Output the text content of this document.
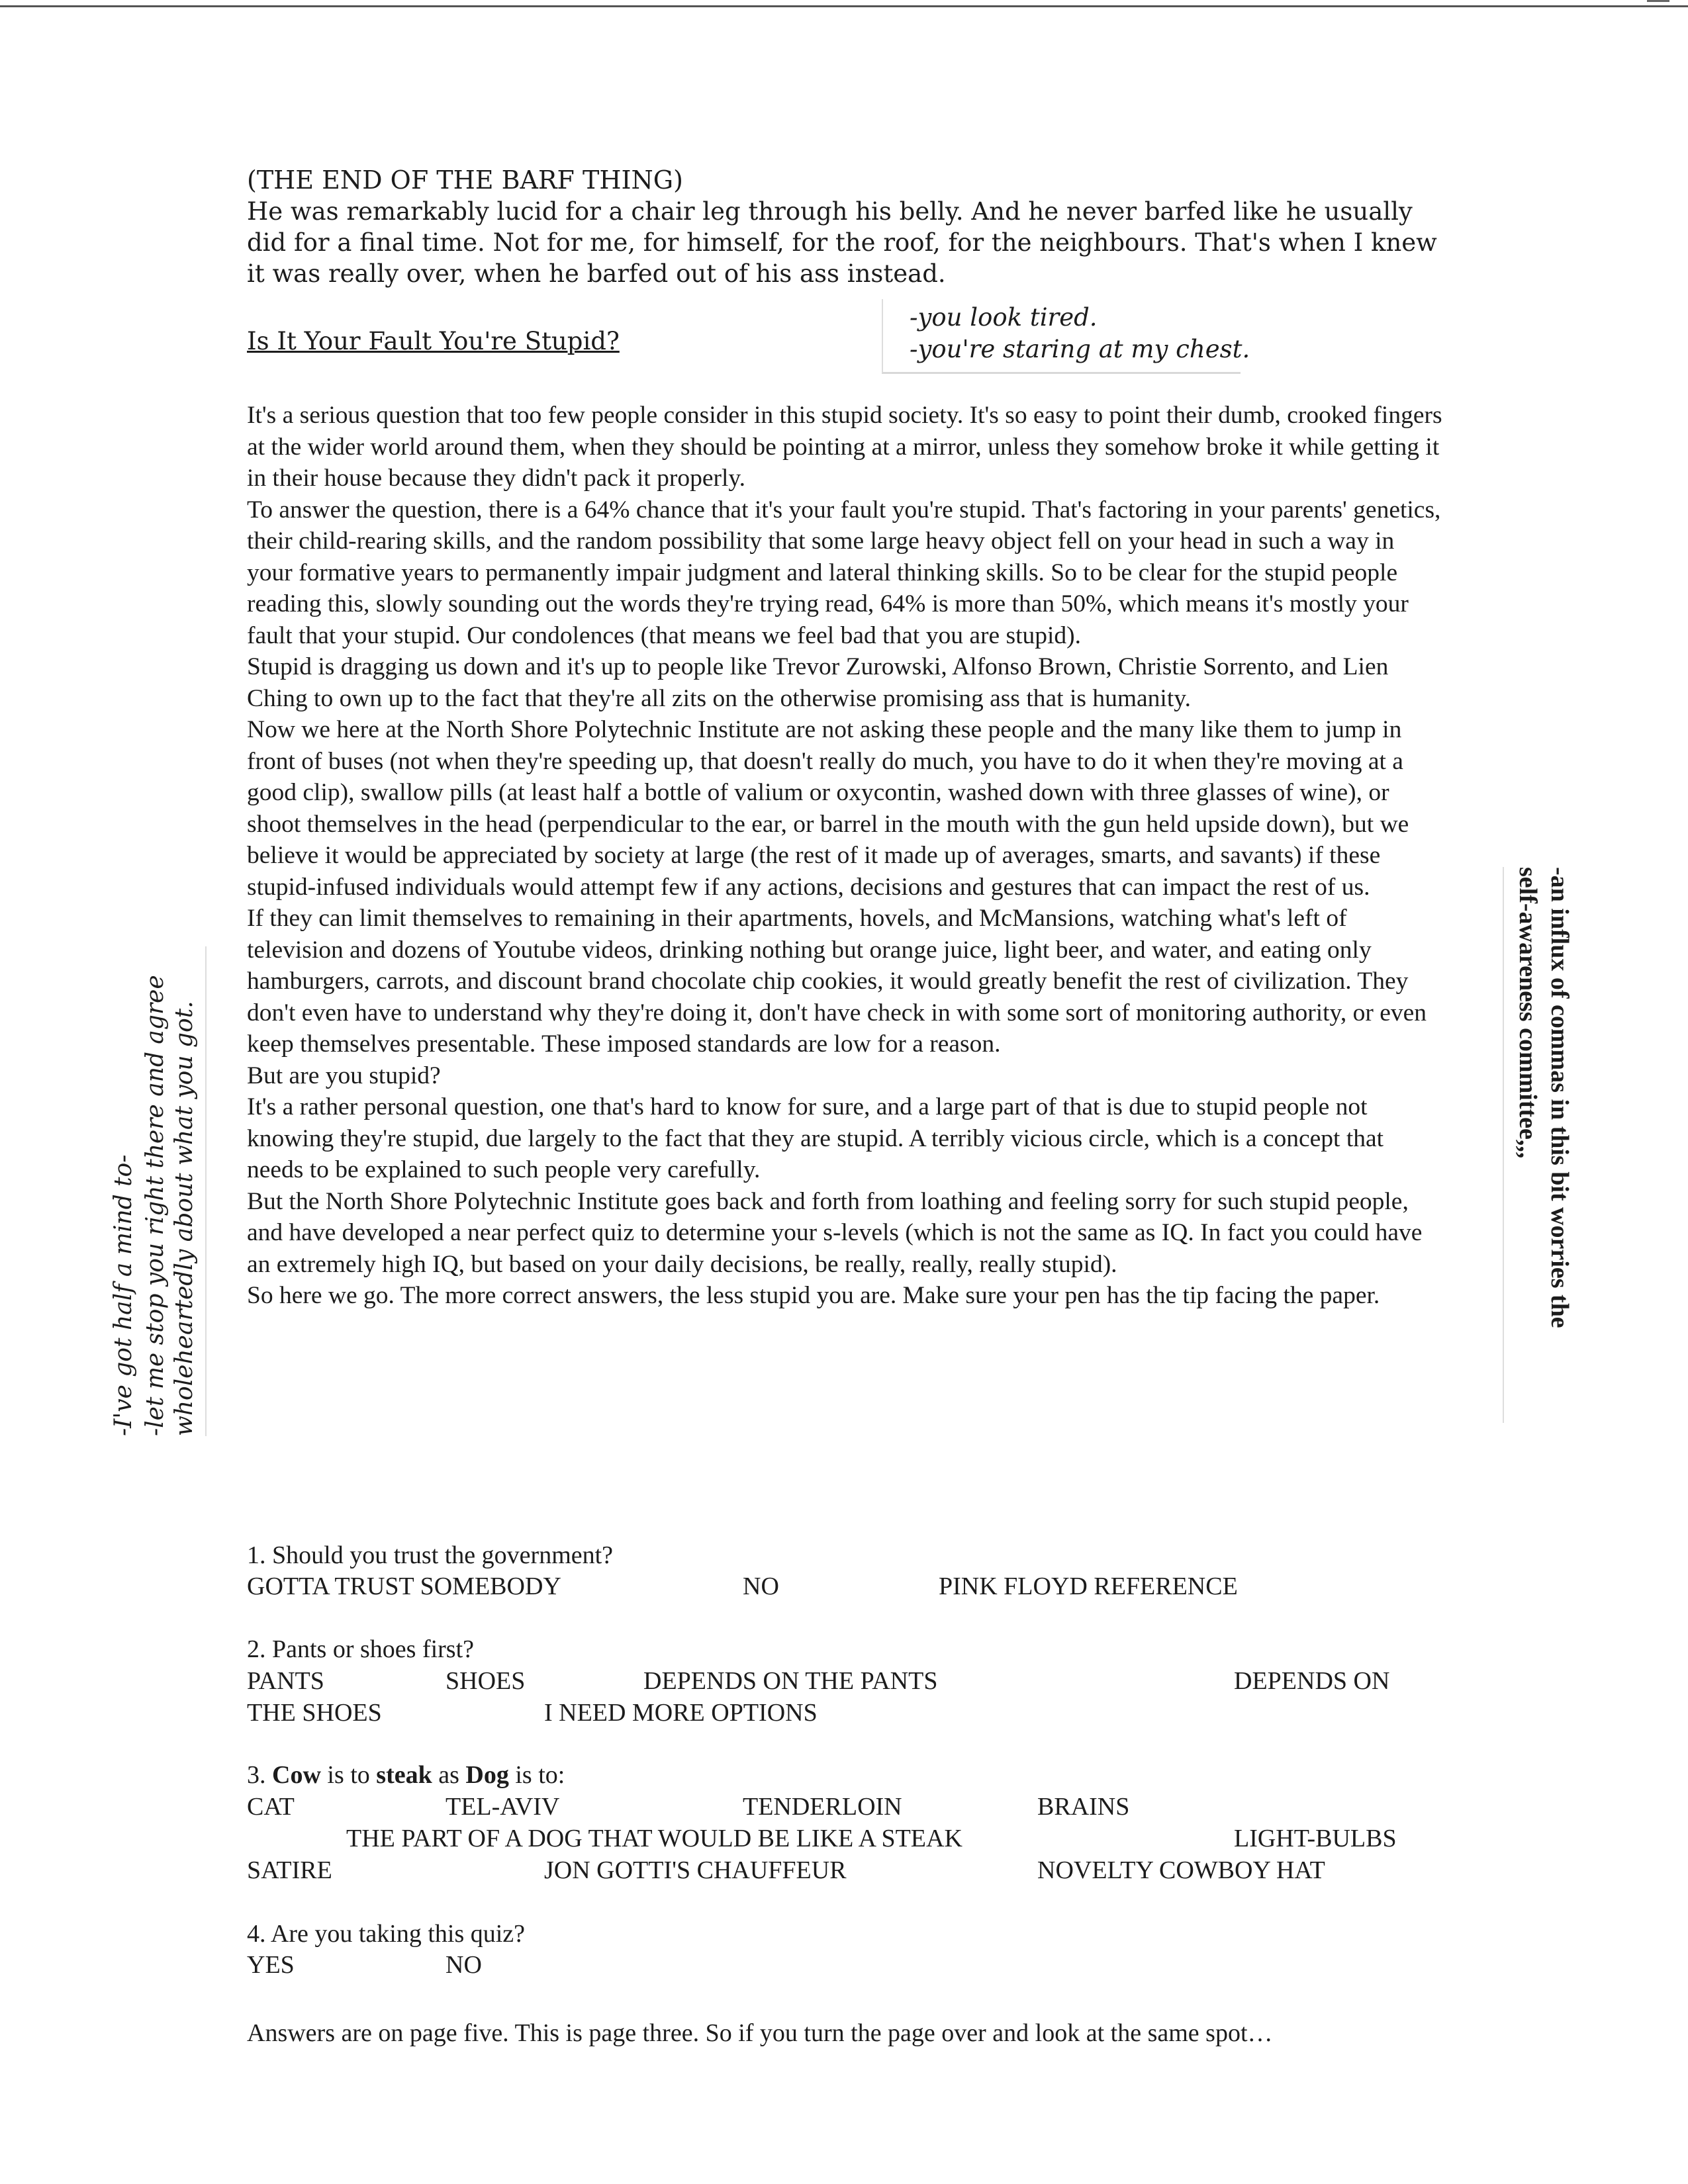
(THE END OF THE BARF THING)
He was remarkably lucid for a chair leg through his belly. And he never barfed like he usually did for a final time. Not for me, for himself, for the roof, for the neighbours. That's when I knew it was really over, when he barfed out of his ass instead.
Is It Your Fault You're Stupid?

-you look tired.

-you're staring at my chest.

It's a serious question that too few people consider in this stupid society. It's so easy to point their dumb, crooked fingers at the wider world around them, when they should be pointing at a mirror, unless they somehow broke it while getting it in their house because they didn't pack it properly.

To answer the question, there is a 64% chance that it's your fault you're stupid. That's factoring in your parents' genetics, their child-rearing skills, and the random possibility that some large heavy object fell on your head in such a way in your formative years to permanently impair judgment and lateral thinking skills. So to be clear for the stupid people reading this, slowly sounding out the words they're trying read, 64% is more than 50%, which means it's mostly your fault that your stupid. Our condolences (that means we feel bad that you are stupid).

Stupid is dragging us down and it's up to people like Trevor Zurowski, Alfonso Brown, Christie Sorrento, and Lien Ching to own up to the fact that they're all zits on the otherwise promising ass that is humanity.

Now we here at the North Shore Polytechnic Institute are not asking these people and the many like them to jump in front of buses (not when they're speeding up, that doesn't really do much, you have to do it when they're moving at a good clip), swallow pills (at least half a bottle of valium or oxycontin, washed down with three glasses of wine), or shoot themselves in the head (perpendicular to the ear, or barrel in the mouth with the gun held upside down), but we believe it would be appreciated by society at large (the rest of it made up of averages, smarts, and savants) if these stupid-infused individuals would attempt few if any actions, decisions and gestures that can impact the rest of us.

If they can limit themselves to remaining in their apartments, hovels, and McMansions, watching what's left of television and dozens of Youtube videos, drinking nothing but orange juice, light beer, and water, and eating only hamburgers, carrots, and discount brand chocolate chip cookies, it would greatly benefit the rest of civilization. They don't even have to understand why they're doing it, don't have check in with some sort of monitoring authority, or even keep themselves presentable. These imposed standards are low for a reason.

But are you stupid?

It's a rather personal question, one that's hard to know for sure, and a large part of that is due to stupid people not knowing they're stupid, due largely to the fact that they are stupid. A terribly vicious circle, which is a concept that needs to be explained to such people very carefully.

But the North Shore Polytechnic Institute goes back and forth from loathing and feeling sorry for such stupid people, and have developed a near perfect quiz to determine your s-levels (which is not the same as IQ. In fact you could have an extremely high IQ, but based on your daily decisions, be really, really, really stupid).

So here we go. The more correct answers, the less stupid you are. Make sure your pen has the tip facing the paper.

1. Should you trust the government?
GOTTA TRUST SOMEBODY	NO	PINK FLOYD REFERENCE
2. Pants or shoes first?
PANTS	SHOES	DEPENDS ON THE PANTS	DEPENDS ON
THE SHOES	I NEED MORE OPTIONS
3. Cow is to steak as Dog is to:
CAT	TEL-AVIV	TENDERLOIN	BRAINS
THE PART OF A DOG THAT WOULD BE LIKE A STEAK	LIGHT-BULBS
SATIRE	JON GOTTI'S CHAUFFEUR	NOVELTY COWBOY HAT
4. Are you taking this quiz?
YES	NO
Answers are on page five. This is page three. So if you turn the page over and look at the same spot…

-I've got half a mind to- -let me stop you right there and agree wholeheartedly about what you got.	-an influx of commas in this bit worries the

self-awareness committee,,,
